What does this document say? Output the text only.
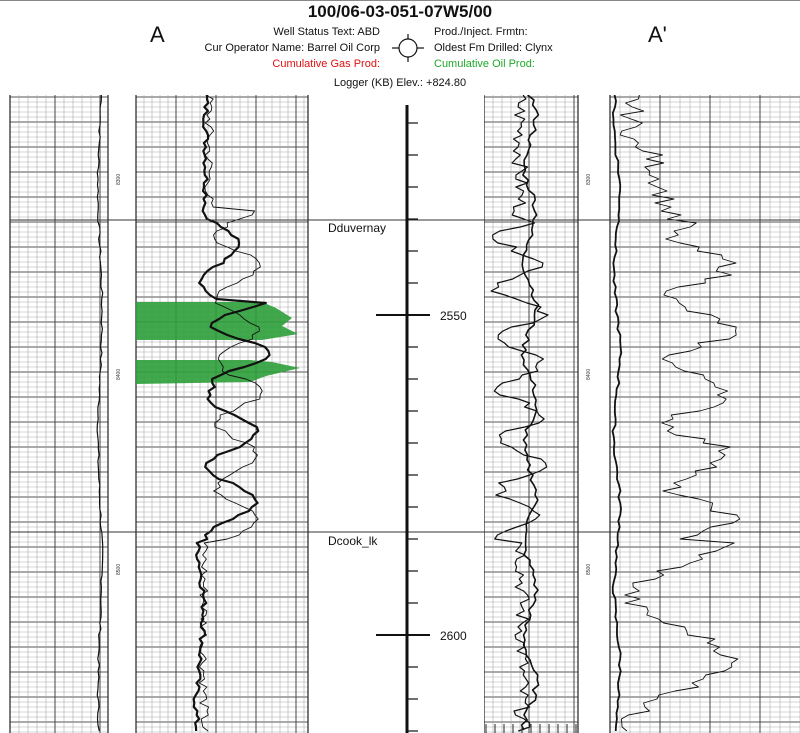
8300
8400
8500
8300
8400
8500
2550
2600
Dduvernay
Dcook_lk
100/06-03-051-07W5/00
A	A'
Well Status Text: ABD
Cur Operator Name: Barrel Oil Corp
Cumulative Gas Prod:
Prod./Inject. Frmtn:
Oldest Fm Drilled: Clynx
Cumulative Oil Prod:
Logger (KB) Elev.: +824.80
